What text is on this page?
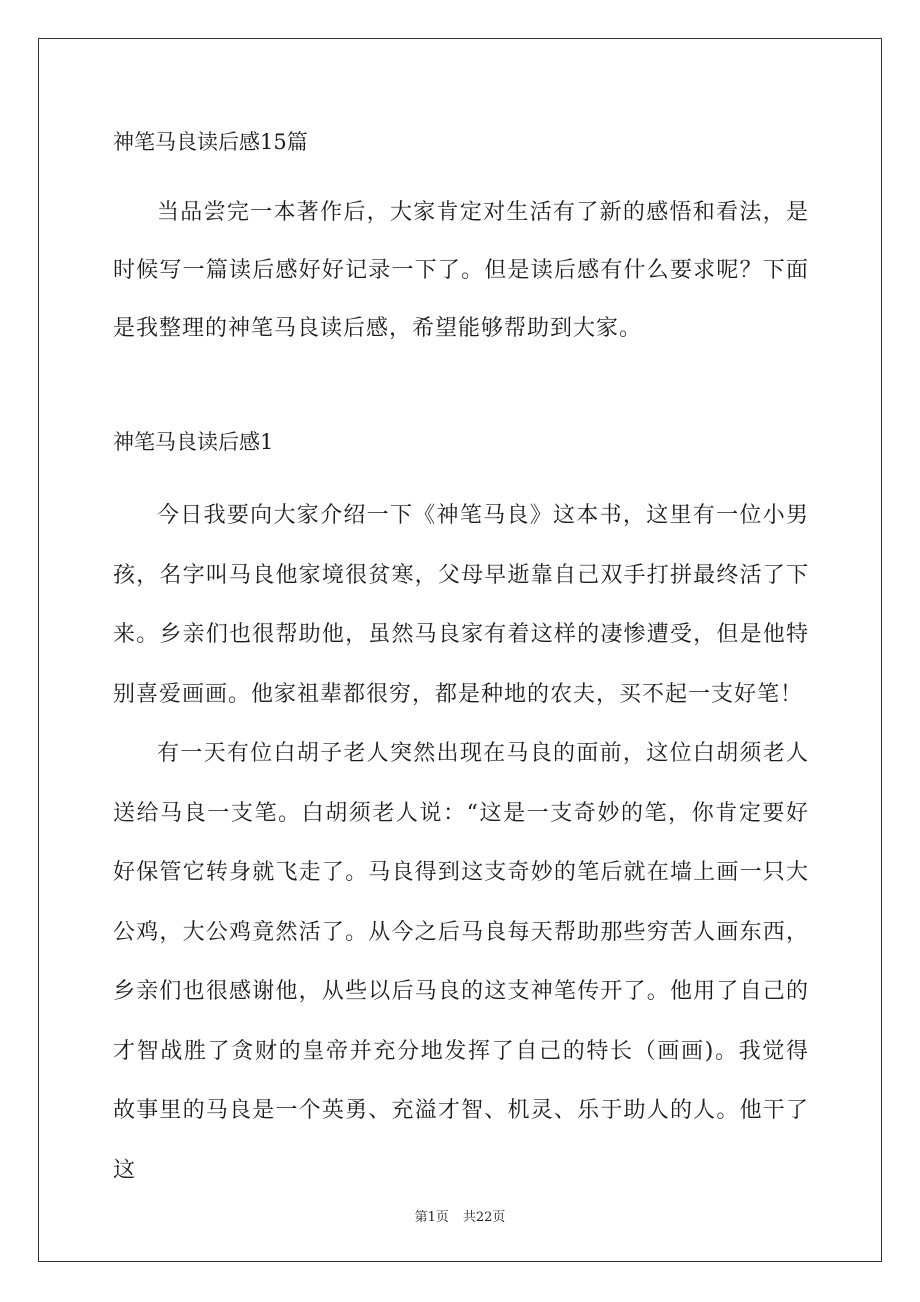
神笔马良读后感15篇

当品尝完一本著作后，大家肯定对生活有了新的感悟和看法，是时候写一篇读后感好好记录一下了。但是读后感有什么要求呢？下面是我整理的神笔马良读后感，希望能够帮助到大家。

神笔马良读后感1

今日我要向大家介绍一下《神笔马良》这本书，这里有一位小男孩，名字叫马良他家境很贫寒，父母早逝靠自己双手打拼最终活了下来。乡亲们也很帮助他，虽然马良家有着这样的凄惨遭受，但是他特别喜爱画画。他家祖辈都很穷，都是种地的农夫，买不起一支好笔！

有一天有位白胡子老人突然出现在马良的面前，这位白胡须老人送给马良一支笔。白胡须老人说：“这是一支奇妙的笔，你肯定要好好保管它转身就飞走了。马良得到这支奇妙的笔后就在墙上画一只大公鸡，大公鸡竟然活了。从今之后马良每天帮助那些穷苦人画东西，乡亲们也很感谢他，从些以后马良的这支神笔传开了。他用了自己的才智战胜了贪财的皇帝并充分地发挥了自己的特长（画画)。我觉得故事里的马良是一个英勇、充溢才智、机灵、乐于助人的人。他干了这

第1页 共22页
